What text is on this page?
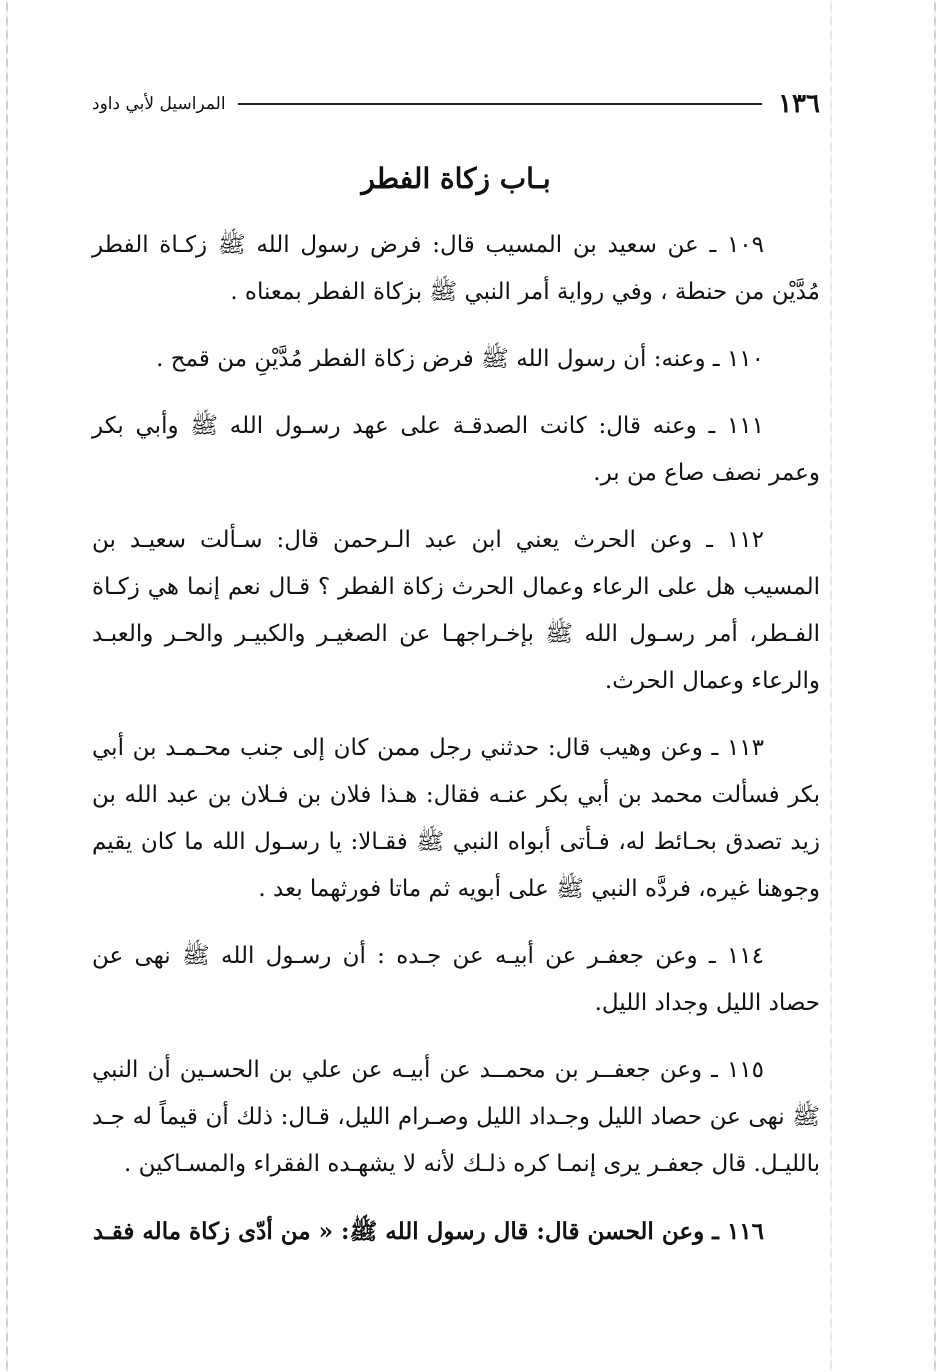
١٣٦
المراسيل لأبي داود
بـاب زكاة الفطر

١٠٩ ـ عن سعيد بن المسيب قال: فرض رسول الله ﷺ زكـاة الفطر مُدَّيْن من حنطة ، وفي رواية أمر النبي ﷺ بزكاة الفطر بمعناه .

١١٠ ـ وعنه: أن رسول الله ﷺ فرض زكاة الفطر مُدَّيْنِ من قمح .

١١١ ـ وعنه قال: كانت الصدقـة على عهد رسـول الله ﷺ وأبي بكر وعمر نصف صاع من بر.

١١٢ ـ وعن الحرث يعني ابن عبد الـرحمن قال: سـألت سعيـد بن المسيب هل على الرعاء وعمال الحرث زكاة الفطر ؟ قـال نعم إنما هي زكـاة الفـطر، أمر رسـول الله ﷺ بإخـراجهـا عن الصغيـر والكبيـر والحـر والعبـد والرعاء وعمال الحرث.

١١٣ ـ وعن وهيب قال: حدثني رجل ممن كان إلى جنب محـمـد بن أبي بكر فسألت محمد بن أبي بكر عنـه فقال: هـذا فلان بن فـلان بن عبد الله بن زيد تصدق بحـائط له، فـأتى أبواه النبي ﷺ فقـالا: يا رسـول الله ما كان يقيم وجوهنا غيره، فردَّه النبي ﷺ على أبويه ثم ماتا فورثهما بعد .

١١٤ ـ وعن جعفـر عن أبيـه عن جـده : أن رسـول الله ﷺ نهى عن حصاد الليل وجداد الليل.

١١٥ ـ وعن جعفــر بن محمــد عن أبيـه عن علي بن الحسـين أن النبي ﷺ نهى عن حصاد الليل وجـداد الليل وصـرام الليل، قـال: ذلك أن قيماً له جـد بالليـل. قال جعفـر يرى إنمـا كره ذلـك لأنه لا يشهـده الفقراء والمسـاكين .

١١٦ ـ وعن الحسن قال: قال رسول الله ﷺ: « من أدّى زكاة ماله فقـد
